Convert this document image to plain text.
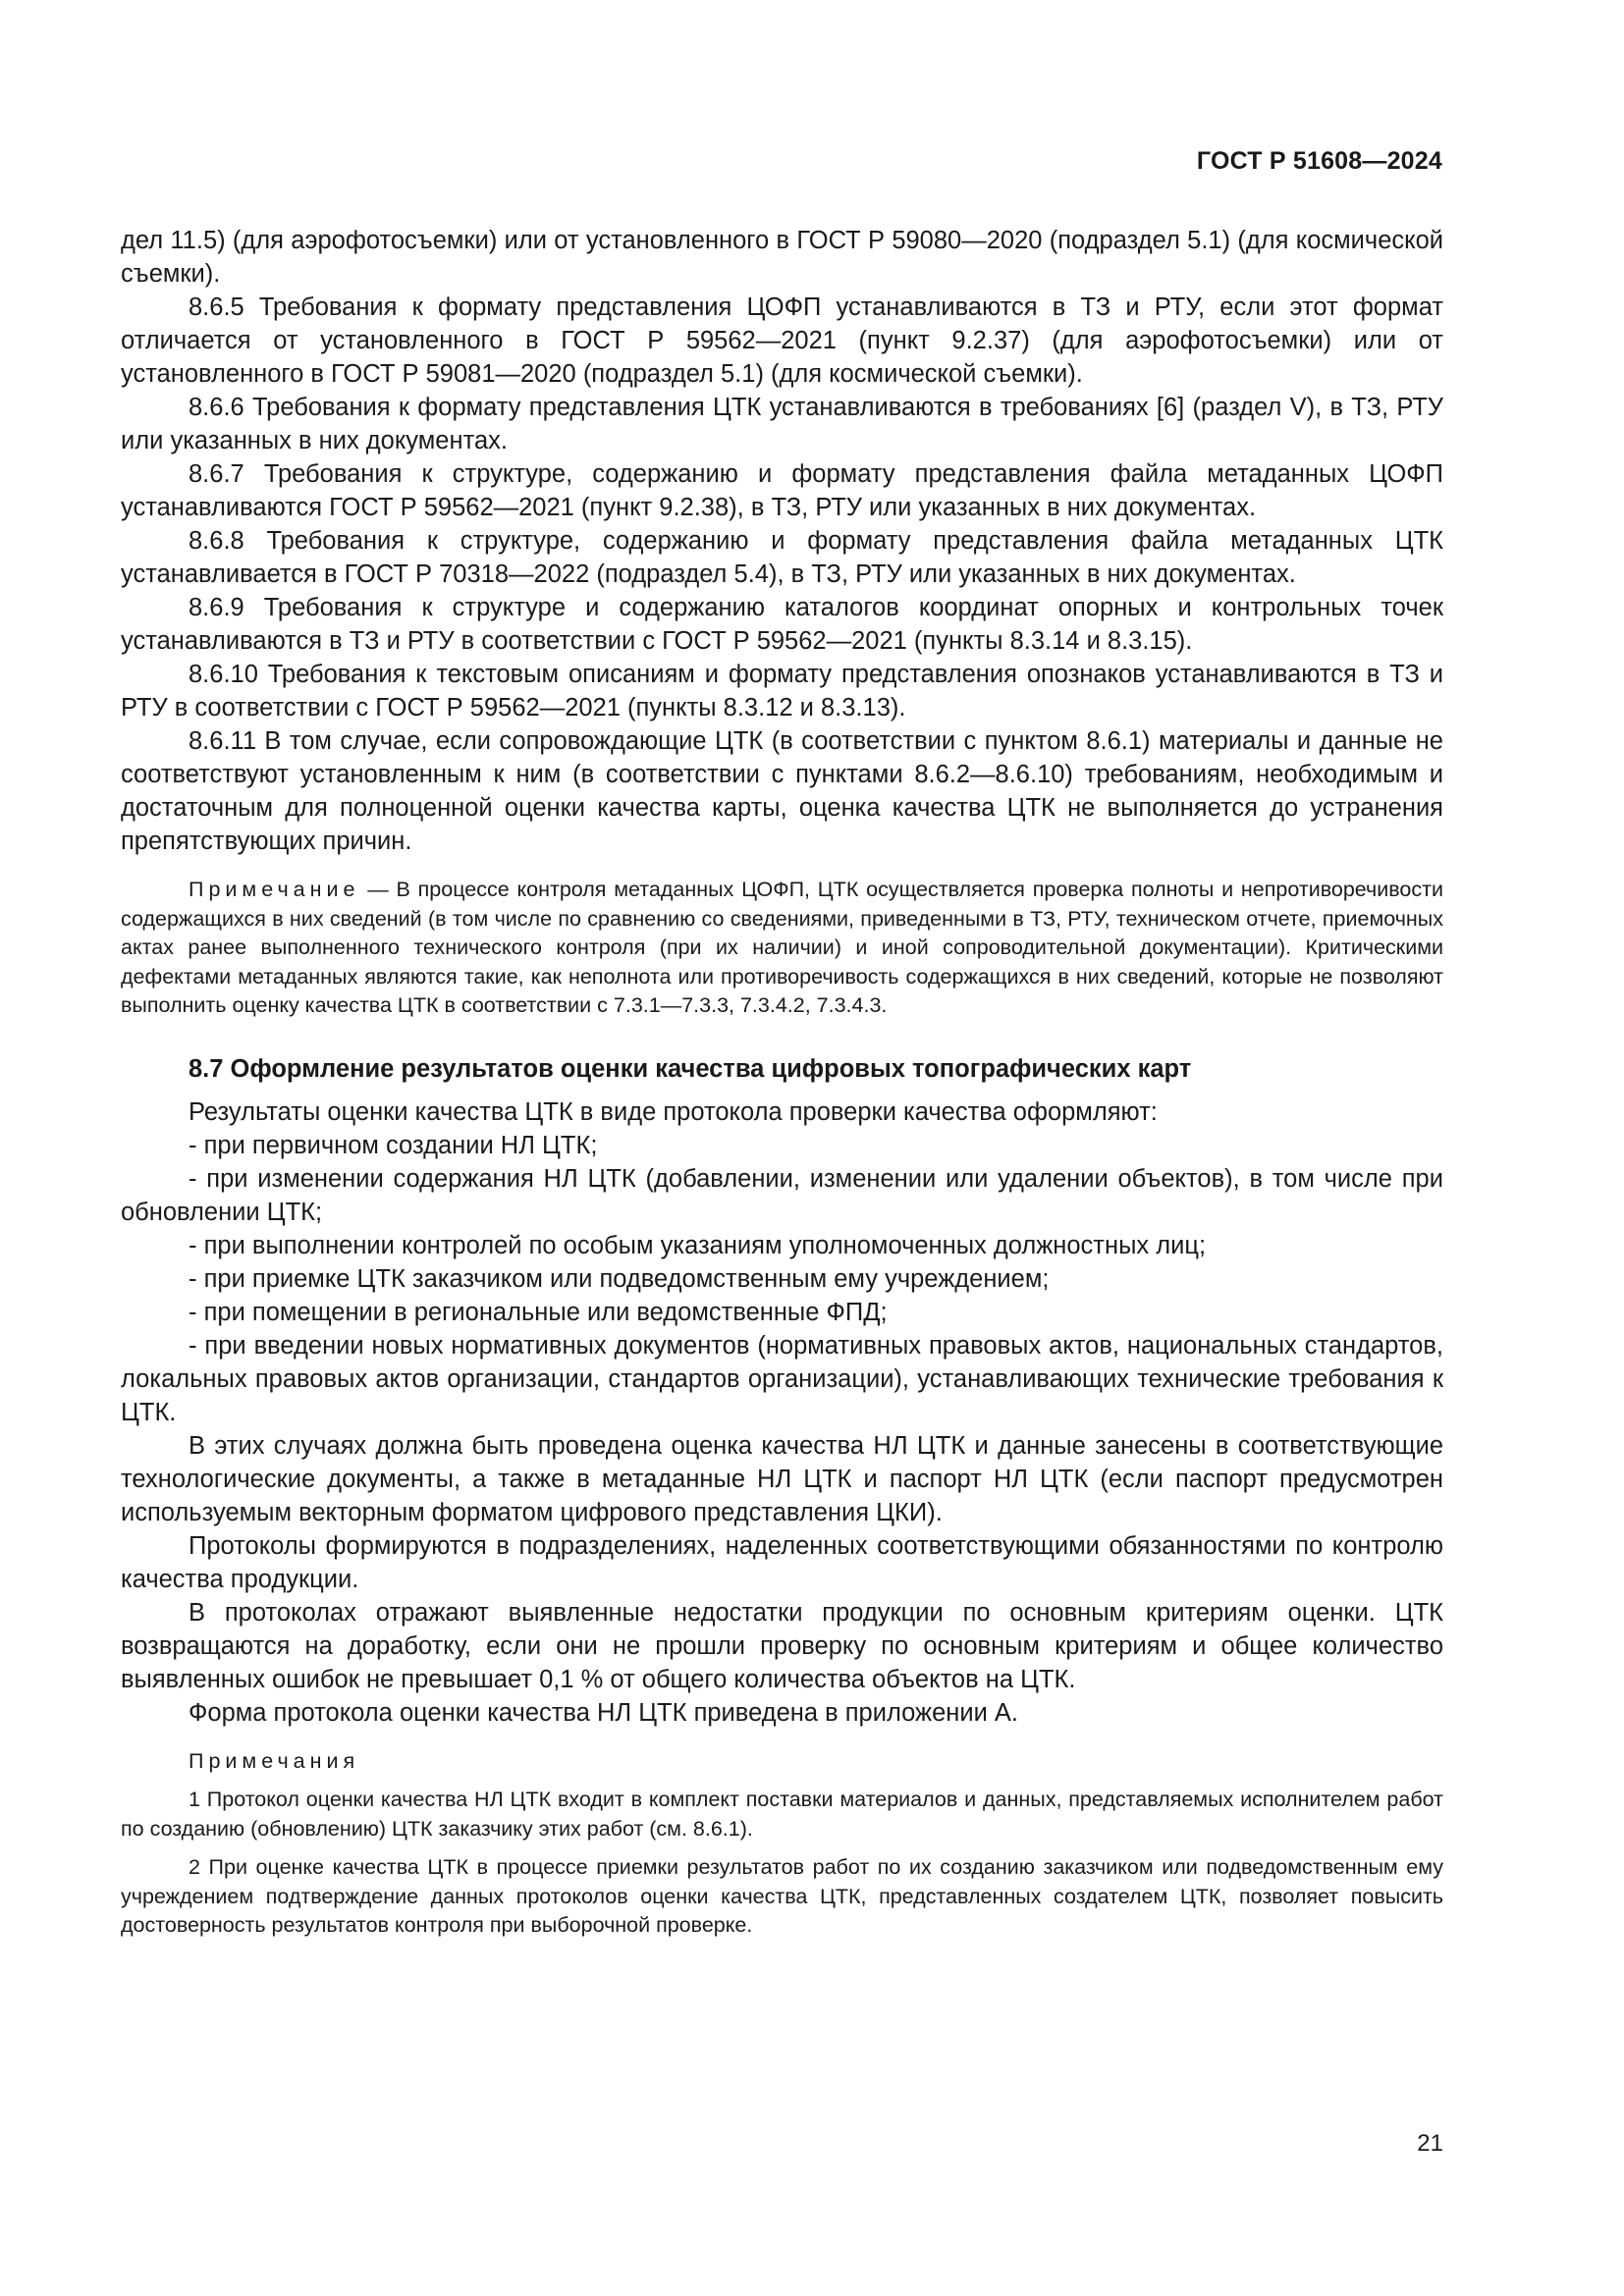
ГОСТ Р 51608—2024

дел 11.5) (для аэрофотосъемки) или от установленного в ГОСТ Р 59080—2020 (подраздел 5.1) (для космической съемки).

8.6.5 Требования к формату представления ЦОФП устанавливаются в ТЗ и РТУ, если этот формат отличается от установленного в ГОСТ Р 59562—2021 (пункт 9.2.37) (для аэрофотосъемки) или от установленного в ГОСТ Р 59081—2020 (подраздел 5.1) (для космической съемки).

8.6.6 Требования к формату представления ЦТК устанавливаются в требованиях [6] (раздел V), в ТЗ, РТУ или указанных в них документах.

8.6.7 Требования к структуре, содержанию и формату представления файла метаданных ЦОФП устанавливаются ГОСТ Р 59562—2021 (пункт 9.2.38), в ТЗ, РТУ или указанных в них документах.

8.6.8 Требования к структуре, содержанию и формату представления файла метаданных ЦТК устанавливается в ГОСТ Р 70318—2022 (подраздел 5.4), в ТЗ, РТУ или указанных в них документах.

8.6.9 Требования к структуре и содержанию каталогов координат опорных и контрольных точек устанавливаются в ТЗ и РТУ в соответствии с ГОСТ Р 59562—2021 (пункты 8.3.14 и 8.3.15).

8.6.10 Требования к текстовым описаниям и формату представления опознаков устанавливаются в ТЗ и РТУ в соответствии с ГОСТ Р 59562—2021 (пункты 8.3.12 и 8.3.13).

8.6.11 В том случае, если сопровождающие ЦТК (в соответствии с пунктом 8.6.1) материалы и данные не соответствуют установленным к ним (в соответствии с пунктами 8.6.2—8.6.10) требованиям, необходимым и достаточным для полноценной оценки качества карты, оценка качества ЦТК не выполняется до устранения препятствующих причин.

Примечание — В процессе контроля метаданных ЦОФП, ЦТК осуществляется проверка полноты и непротиворечивости содержащихся в них сведений (в том числе по сравнению со сведениями, приведенными в ТЗ, РТУ, техническом отчете, приемочных актах ранее выполненного технического контроля (при их наличии) и иной сопроводительной документации). Критическими дефектами метаданных являются такие, как неполнота или противоречивость содержащихся в них сведений, которые не позволяют выполнить оценку качества ЦТК в соответствии с 7.3.1—7.3.3, 7.3.4.2, 7.3.4.3.

8.7 Оформление результатов оценки качества цифровых топографических карт

Результаты оценки качества ЦТК в виде протокола проверки качества оформляют:

- при первичном создании НЛ ЦТК;

- при изменении содержания НЛ ЦТК (добавлении, изменении или удалении объектов), в том числе при обновлении ЦТК;

- при выполнении контролей по особым указаниям уполномоченных должностных лиц;

- при приемке ЦТК заказчиком или подведомственным ему учреждением;

- при помещении в региональные или ведомственные ФПД;

- при введении новых нормативных документов (нормативных правовых актов, национальных стандартов, локальных правовых актов организации, стандартов организации), устанавливающих технические требования к ЦТК.

В этих случаях должна быть проведена оценка качества НЛ ЦТК и данные занесены в соответствующие технологические документы, а также в метаданные НЛ ЦТК и паспорт НЛ ЦТК (если паспорт предусмотрен используемым векторным форматом цифрового представления ЦКИ).

Протоколы формируются в подразделениях, наделенных соответствующими обязанностями по контролю качества продукции.

В протоколах отражают выявленные недостатки продукции по основным критериям оценки. ЦТК возвращаются на доработку, если они не прошли проверку по основным критериям и общее количество выявленных ошибок не превышает 0,1 % от общего количества объектов на ЦТК.

Форма протокола оценки качества НЛ ЦТК приведена в приложении А.

Примечания

1 Протокол оценки качества НЛ ЦТК входит в комплект поставки материалов и данных, представляемых исполнителем работ по созданию (обновлению) ЦТК заказчику этих работ (см. 8.6.1).

2 При оценке качества ЦТК в процессе приемки результатов работ по их созданию заказчиком или подведомственным ему учреждением подтверждение данных протоколов оценки качества ЦТК, представленных создателем ЦТК, позволяет повысить достоверность результатов контроля при выборочной проверке.

21
